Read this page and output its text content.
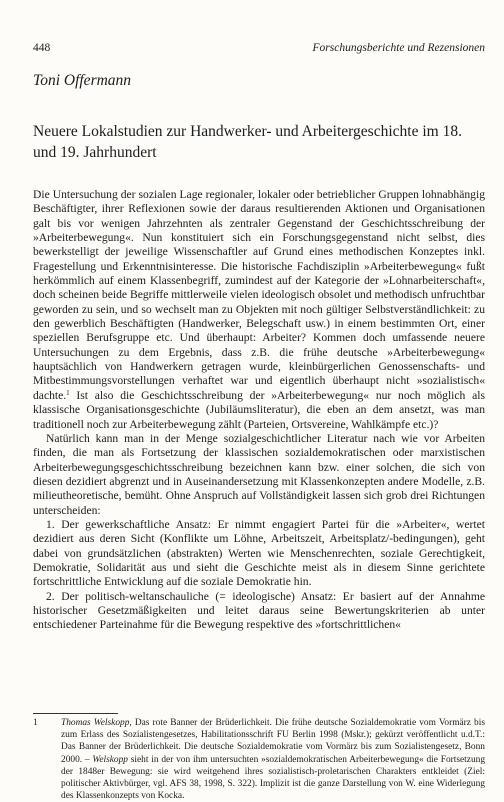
448	Forschungsberichte und Rezensionen
Toni Offermann
Neuere Lokalstudien zur Handwerker- und Arbeitergeschichte im 18. und 19. Jahrhundert

Die Untersuchung der sozialen Lage regionaler, lokaler oder betrieblicher Gruppen lohnabhängig Beschäftigter, ihrer Reflexionen sowie der daraus resultierenden Aktionen und Organisationen galt bis vor wenigen Jahrzehnten als zentraler Gegenstand der Geschichtsschreibung der »Arbeiterbewegung«. Nun konstituiert sich ein Forschungsgegenstand nicht selbst, dies bewerkstelligt der jeweilige Wissenschaftler auf Grund eines methodischen Konzeptes inkl. Fragestellung und Erkenntnisinteresse. Die historische Fachdisziplin »Arbeiterbewegung« fußt herkömmlich auf einem Klassenbegriff, zumindest auf der Kategorie der »Lohnarbeiterschaft«, doch scheinen beide Begriffe mittlerweile vielen ideologisch obsolet und methodisch unfruchtbar geworden zu sein, und so wechselt man zu Objekten mit noch gültiger Selbstverständlichkeit: zu den gewerblich Beschäftigten (Handwerker, Belegschaft usw.) in einem bestimmten Ort, einer speziellen Berufsgruppe etc. Und überhaupt: Arbeiter? Kommen doch umfassende neuere Untersuchungen zu dem Ergebnis, dass z.B. die frühe deutsche »Arbeiterbewegung« hauptsächlich von Handwerkern getragen wurde, kleinbürgerlichen Genossenschafts- und Mitbestimmungsvorstellungen verhaftet war und eigentlich überhaupt nicht »sozialistisch« dachte.$^1$ Ist also die Geschichtsschreibung der »Arbeiterbewegung« nur noch möglich als klassische Organisationsgeschichte (Jubiläumsliteratur), die eben an dem ansetzt, was man traditionell noch zur Arbeiterbewegung zählt (Parteien, Ortsvereine, Wahlkämpfe etc.)?

Natürlich kann man in der Menge sozialgeschichtlicher Literatur nach wie vor Arbeiten finden, die man als Fortsetzung der klassischen sozialdemokratischen oder marxistischen Arbeiterbewegungsgeschichtsschreibung bezeichnen kann bzw. einer solchen, die sich von diesen dezidiert abgrenzt und in Auseinandersetzung mit Klassenkonzepten andere Modelle, z.B. milieutheoretische, bemüht. Ohne Anspruch auf Vollständigkeit lassen sich grob drei Richtungen unterscheiden:

1. Der gewerkschaftliche Ansatz: Er nimmt engagiert Partei für die »Arbeiter«, wertet dezidiert aus deren Sicht (Konflikte um Löhne, Arbeitszeit, Arbeitsplatz/-bedingungen), geht dabei von grundsätzlichen (abstrakten) Werten wie Menschenrechten, soziale Gerechtigkeit, Demokratie, Solidarität aus und sieht die Geschichte meist als in diesem Sinne gerichtete fortschrittliche Entwicklung auf die soziale Demokratie hin.

2. Der politisch-weltanschauliche (= ideologische) Ansatz: Er basiert auf der Annahme historischer Gesetzmäßigkeiten und leitet daraus seine Bewertungskriterien ab unter entschiedener Parteinahme für die Bewegung respektive des »fortschrittlichen«

1	Thomas Welskopp, Das rote Banner der Brüderlichkeit. Die frühe deutsche Sozialdemokratie vom Vormärz bis zum Erlass des Sozialistengesetzes, Habilitationsschrift FU Berlin 1998 (Mskr.); gekürzt veröffentlicht u.d.T.: Das Banner der Brüderlichkeit. Die deutsche Sozialdemokratie vom Vormärz bis zum Sozialistengesetz, Bonn 2000. – Welskopp sieht in der von ihm untersuchten »sozialdemokratischen Arbeiterbewegung« die Fortsetzung der 1848er Bewegung: sie wird weitgehend ihres sozialistisch-proletarischen Charakters entkleidet (Ziel: politischer Aktivbürger, vgl. AFS 38, 1998, S. 322). Implizit ist die ganze Darstellung von W. eine Widerlegung des Klassenkonzepts von Kocka.
